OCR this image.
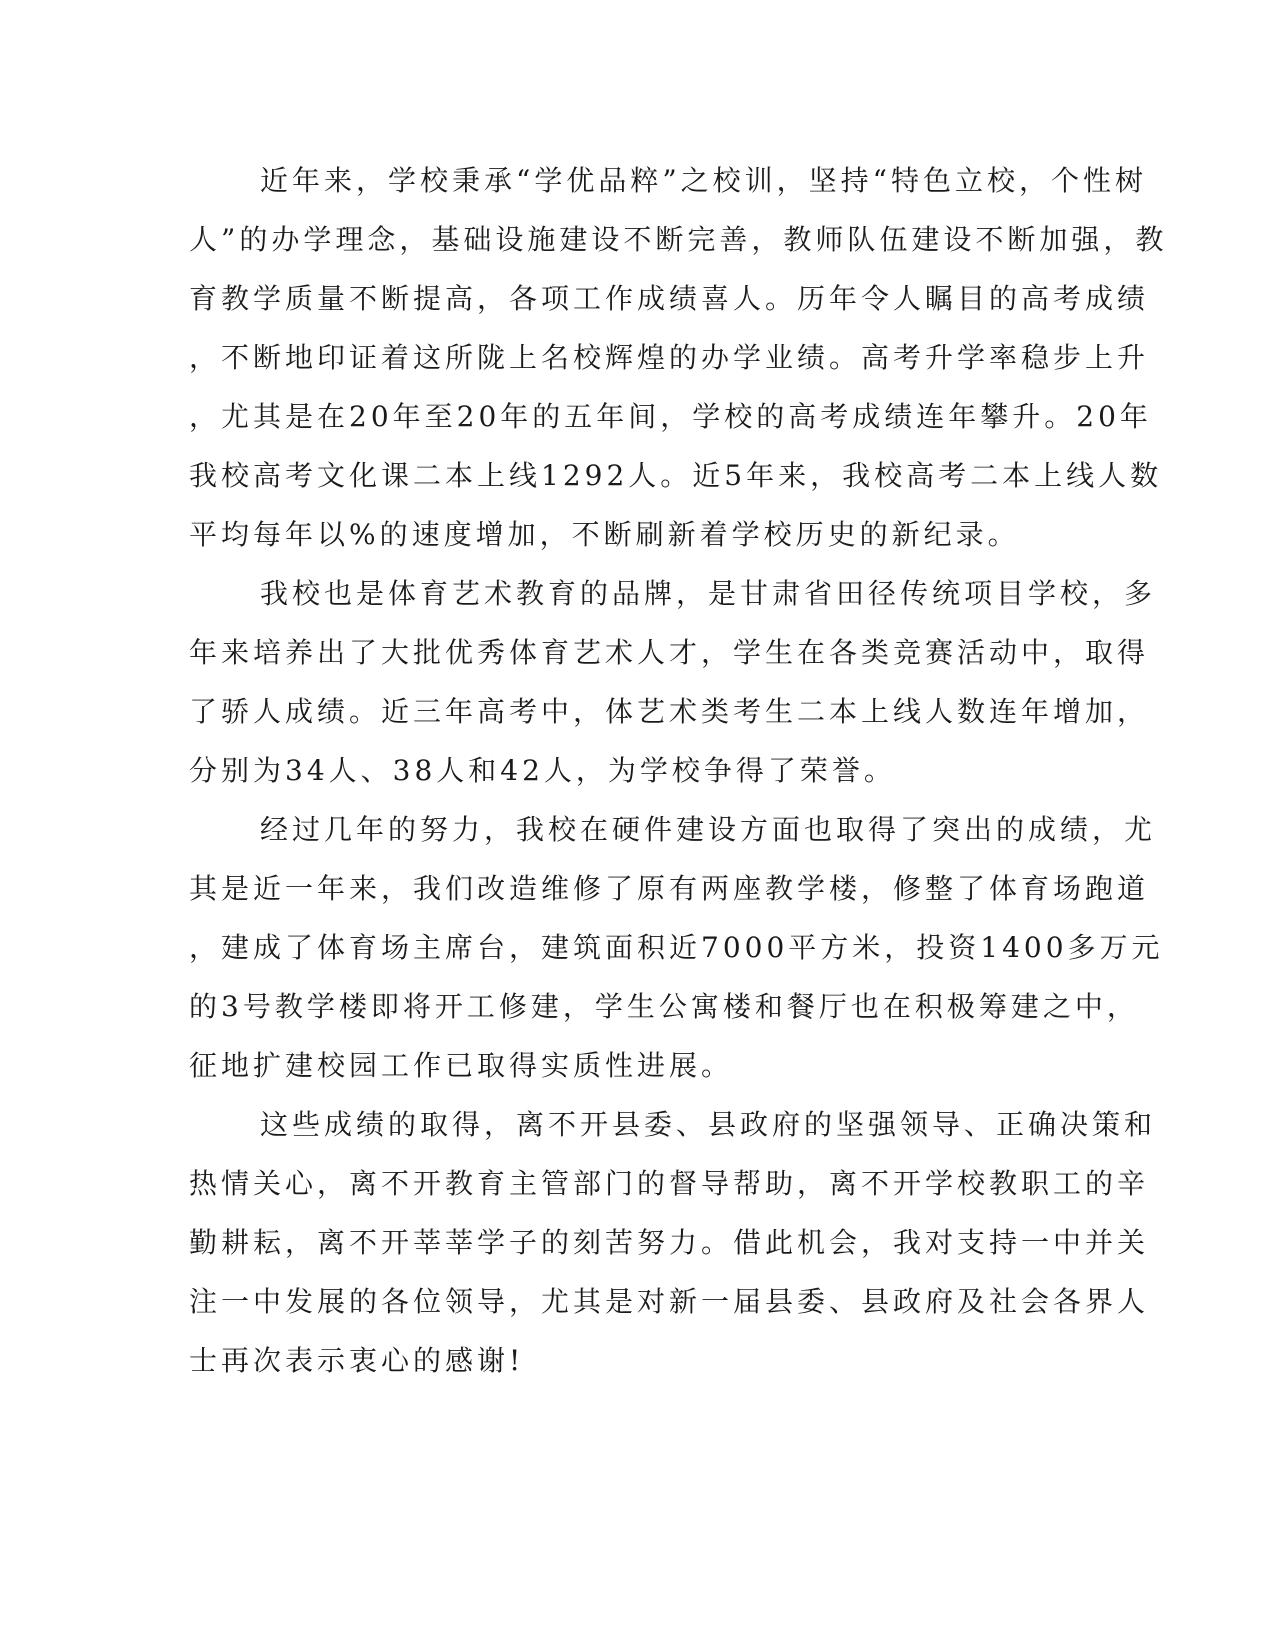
近年来，学校秉承“学优品粹”之校训，坚持“特色立校，个性树
人”的办学理念，基础设施建设不断完善，教师队伍建设不断加强，教
育教学质量不断提高，各项工作成绩喜人。历年令人瞩目的高考成绩
，不断地印证着这所陇上名校辉煌的办学业绩。高考升学率稳步上升
，尤其是在20年至20年的五年间，学校的高考成绩连年攀升。20年
我校高考文化课二本上线1292人。近5年来，我校高考二本上线人数
平均每年以%的速度增加，不断刷新着学校历史的新纪录。
我校也是体育艺术教育的品牌，是甘肃省田径传统项目学校，多
年来培养出了大批优秀体育艺术人才，学生在各类竞赛活动中，取得
了骄人成绩。近三年高考中，体艺术类考生二本上线人数连年增加，
分别为34人、38人和42人，为学校争得了荣誉。
经过几年的努力，我校在硬件建设方面也取得了突出的成绩，尤
其是近一年来，我们改造维修了原有两座教学楼，修整了体育场跑道
，建成了体育场主席台，建筑面积近7000平方米，投资1400多万元
的3号教学楼即将开工修建，学生公寓楼和餐厅也在积极筹建之中，
征地扩建校园工作已取得实质性进展。
这些成绩的取得，离不开县委、县政府的坚强领导、正确决策和
热情关心，离不开教育主管部门的督导帮助，离不开学校教职工的辛
勤耕耘，离不开莘莘学子的刻苦努力。借此机会，我对支持一中并关
注一中发展的各位领导，尤其是对新一届县委、县政府及社会各界人
士再次表示衷心的感谢!
